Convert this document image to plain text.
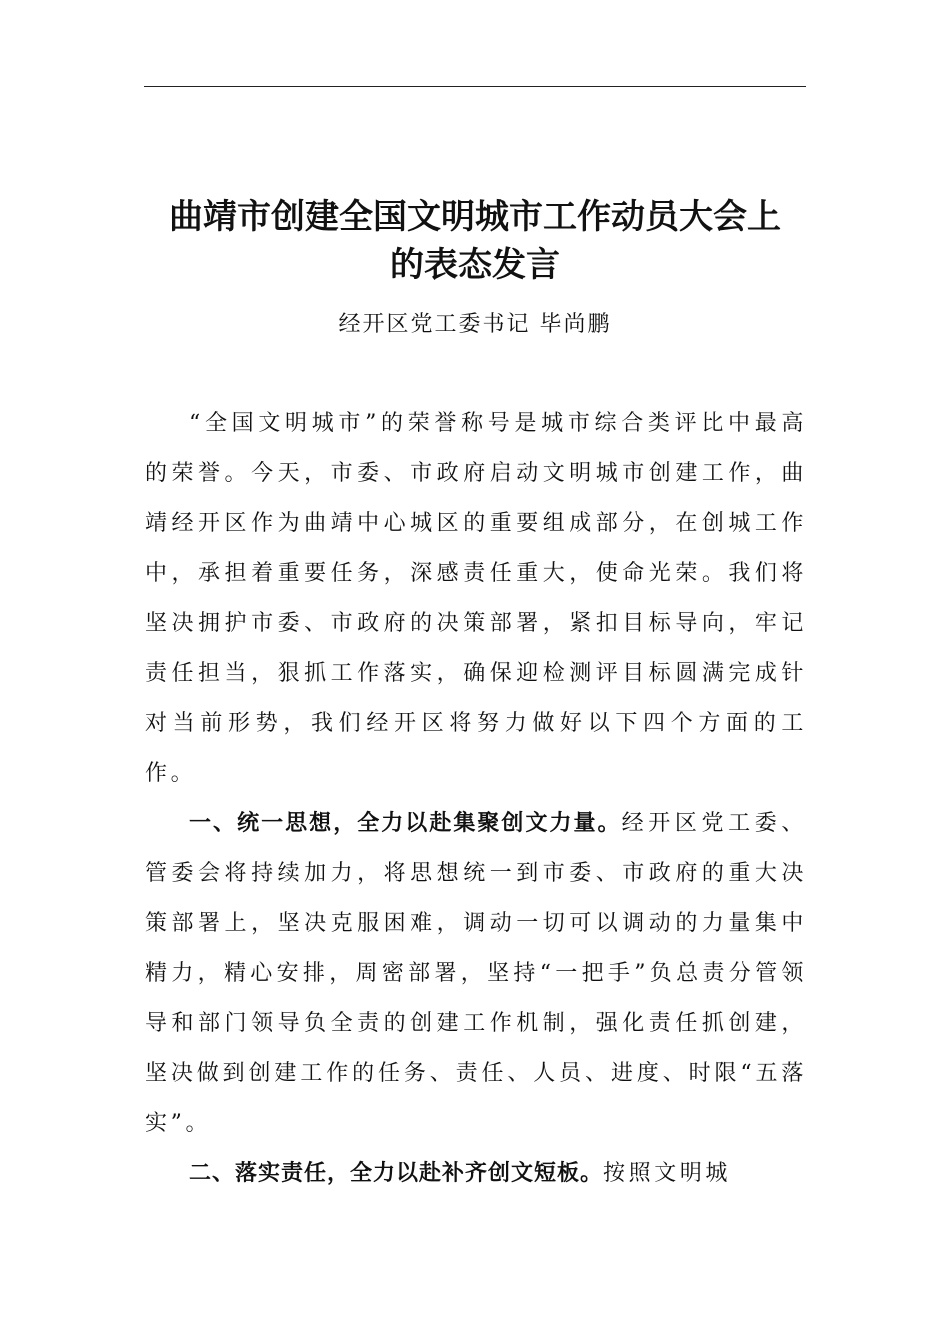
曲靖市创建全国文明城市工作动员大会上
的表态发言
经开区党工委书记 毕尚鹏

“全国文明城市”的荣誉称号是城市综合类评比中最高的荣誉。今天，市委、市政府启动文明城市创建工作，曲靖经开区作为曲靖中心城区的重要组成部分，在创城工作中，承担着重要任务，深感责任重大，使命光荣。我们将坚决拥护市委、市政府的决策部署，紧扣目标导向，牢记责任担当，狠抓工作落实，确保迎检测评目标圆满完成针对当前形势，我们经开区将努力做好以下四个方面的工作。

一、统一思想，全力以赴集聚创文力量。经开区党工委、管委会将持续加力，将思想统一到市委、市政府的重大决策部署上，坚决克服困难，调动一切可以调动的力量集中精力，精心安排，周密部署，坚持“一把手”负总责分管领导和部门领导负全责的创建工作机制，强化责任抓创建，坚决做到创建工作的任务、责任、人员、进度、时限“五落实”。

二、落实责任，全力以赴补齐创文短板。按照文明城
